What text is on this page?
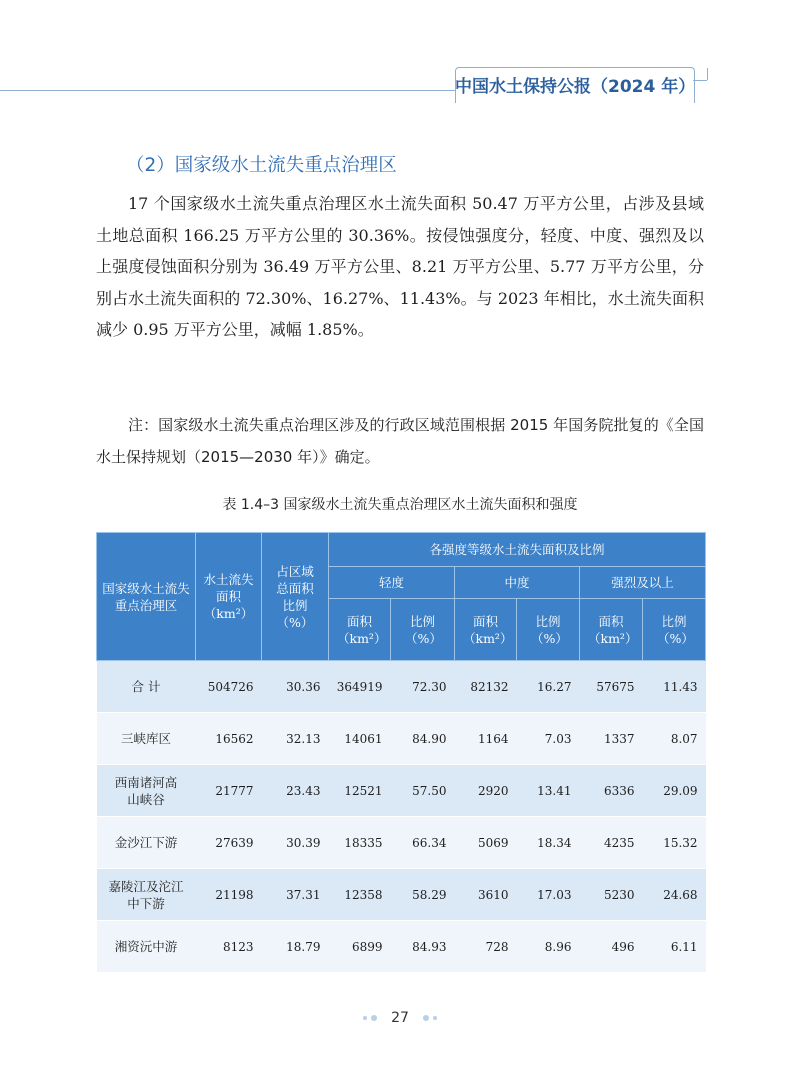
中国水土保持公报（2024 年）
（2）国家级水土流失重点治理区
17 个国家级水土流失重点治理区水土流失面积 50.47 万平方公里，占涉及县域土地总面积 166.25 万平方公里的 30.36%。按侵蚀强度分，轻度、中度、强烈及以上强度侵蚀面积分别为 36.49 万平方公里、8.21 万平方公里、5.77 万平方公里，分别占水土流失面积的 72.30%、16.27%、11.43%。与 2023 年相比，水土流失面积减少 0.95 万平方公里，减幅 1.85%。
注：国家级水土流失重点治理区涉及的行政区域范围根据 2015 年国务院批复的《全国水土保持规划（2015—2030 年）》确定。
表 1.4–3 国家级水土流失重点治理区水土流失面积和强度
国家级水土流失重点治理区	水土流失面积（km²）	占区域总面积比例（%）	各强度等级水土流失面积及比例					
			轻度		中度		强烈及以上	

			面积（km²）	比例（%）	面积（km²）	比例（%）	面积（km²）	比例（%）

合 计	504726	30.36	364919	72.30	82132	16.27	57675	11.43
三峡库区	16562	32.13	14061	84.90	1164	7.03	1337	8.07

西南诸河高山峡谷	21777	23.43	12521	57.50	2920	13.41	6336	29.09
金沙江下游	27639	30.39	18335	66.34	5069	18.34	4235	15.32

嘉陵江及沱江中下游	21198	37.31	12358	58.29	3610	17.03	5230	24.68
湘资沅中游	8123	18.79	6899	84.93	728	8.96	496	6.11
27
